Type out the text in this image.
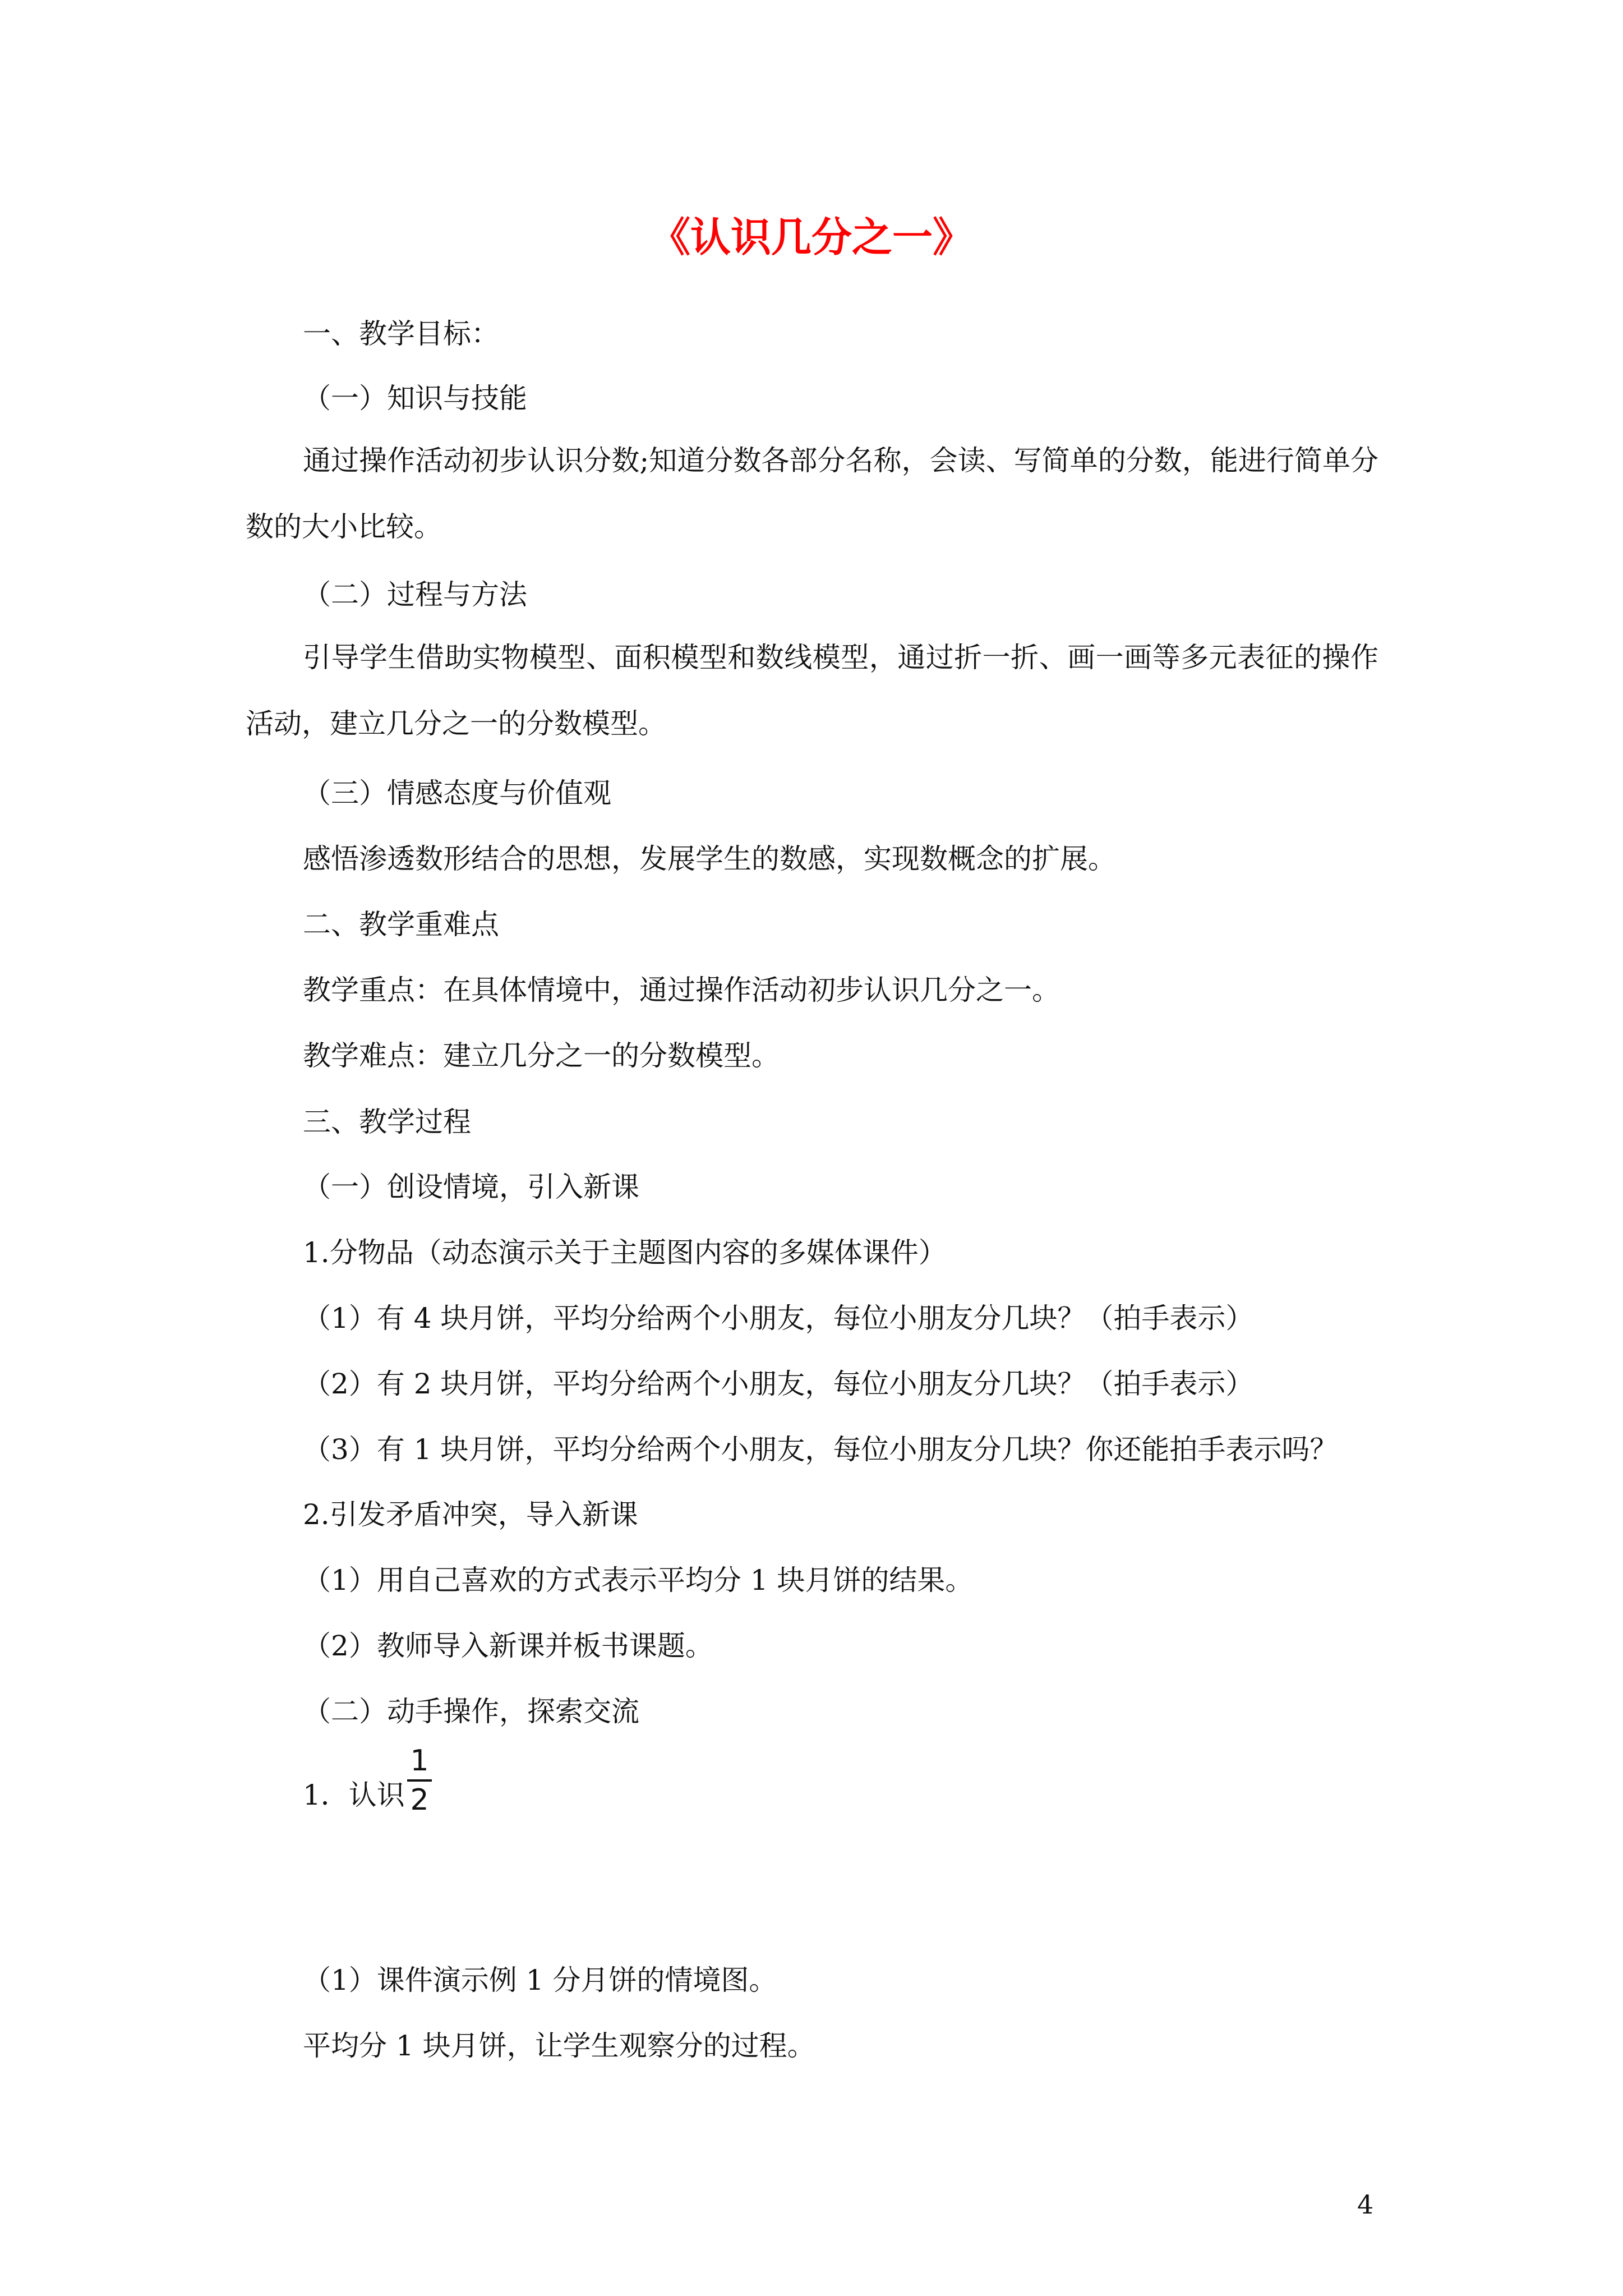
《认识几分之一》

一、教学目标：

（一）知识与技能

通过操作活动初步认识分数;知道分数各部分名称，会读、写简单的分数，能进行简单分数的大小比较。

（二）过程与方法

引导学生借助实物模型、面积模型和数线模型，通过折一折、画一画等多元表征的操作活动，建立几分之一的分数模型。

（三）情感态度与价值观

感悟渗透数形结合的思想，发展学生的数感，实现数概念的扩展。

二、教学重难点

教学重点：在具体情境中，通过操作活动初步认识几分之一。

教学难点：建立几分之一的分数模型。

三、教学过程

（一）创设情境，引入新课

1.分物品（动态演示关于主题图内容的多媒体课件）

（1）有 4 块月饼，平均分给两个小朋友，每位小朋友分几块？（拍手表示）

（2）有 2 块月饼，平均分给两个小朋友，每位小朋友分几块？（拍手表示）

（3）有 1 块月饼，平均分给两个小朋友，每位小朋友分几块？你还能拍手表示吗？

2.引发矛盾冲突，导入新课

（1）用自己喜欢的方式表示平均分 1 块月饼的结果。

（2）教师导入新课并板书课题。

（二）动手操作，探索交流

1．认识

1
2

（1）课件演示例 1 分月饼的情境图。

平均分 1 块月饼，让学生观察分的过程。

4
